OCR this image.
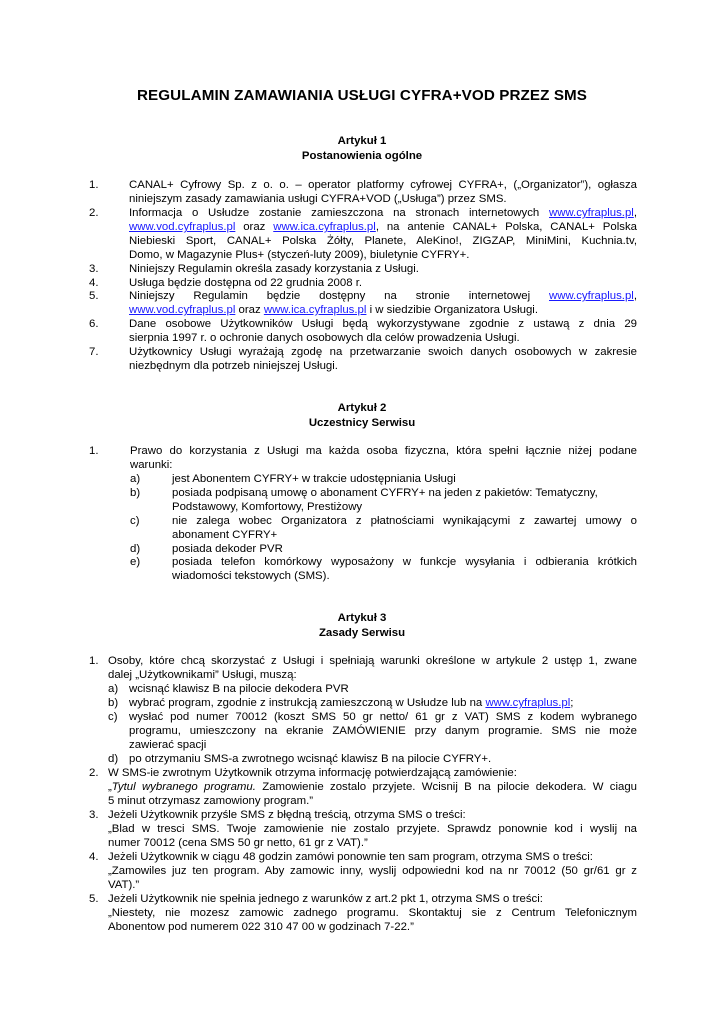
REGULAMIN ZAMAWIANIA USŁUGI CYFRA+VOD PRZEZ SMS
Artykuł 1
Postanowienia ogólne
1.	CANAL+ Cyfrowy Sp. z o. o. – operator platformy cyfrowej CYFRA+, („Organizator”), ogłasza
niniejszym zasady zamawiania usługi CYFRA+VOD („Usługa”) przez SMS.
2.	Informacja o Usłudze zostanie zamieszczona na stronach internetowych www.cyfraplus.pl,
www.vod.cyfraplus.pl oraz www.ica.cyfraplus.pl, na antenie CANAL+ Polska, CANAL+ Polska
Niebieski Sport, CANAL+ Polska Żółty, Planete, AleKino!, ZIGZAP, MiniMini, Kuchnia.tv,
Domo, w Magazynie Plus+ (styczeń-luty 2009), biuletynie CYFRY+.
3.	Niniejszy Regulamin określa zasady korzystania z Usługi.
4.	Usługa będzie dostępna od 22 grudnia 2008 r.
5.	Niniejszy Regulamin będzie dostępny na stronie internetowej www.cyfraplus.pl,
www.vod.cyfraplus.pl oraz www.ica.cyfraplus.pl i w siedzibie Organizatora Usługi.
6.	Dane osobowe Użytkowników Usługi będą wykorzystywane zgodnie z ustawą z dnia 29
sierpnia 1997 r. o ochronie danych osobowych dla celów prowadzenia Usługi.
7.	Użytkownicy Usługi wyrażają zgodę na przetwarzanie swoich danych osobowych w zakresie
niezbędnym dla potrzeb niniejszej Usługi.
Artykuł 2
Uczestnicy Serwisu
1.	Prawo do korzystania z Usługi ma każda osoba fizyczna, która spełni łącznie niżej podane
warunki:
a)	jest Abonentem CYFRY+ w trakcie udostępniania Usługi
b)	posiada podpisaną umowę o abonament CYFRY+ na jeden z pakietów: Tematyczny,
Podstawowy, Komfortowy, Prestiżowy
c)	nie zalega wobec Organizatora z płatnościami wynikającymi z zawartej umowy o
abonament CYFRY+
d)	posiada dekoder PVR
e)	posiada telefon komórkowy wyposażony w funkcje wysyłania i odbierania krótkich
wiadomości tekstowych (SMS).
Artykuł 3
Zasady Serwisu
1. Osoby, które chcą skorzystać z Usługi i spełniają warunki określone w artykule 2 ustęp 1, zwane
dalej „Użytkownikami” Usługi, muszą:
a) wcisnąć klawisz B na pilocie dekodera PVR
b) wybrać program, zgodnie z instrukcją zamieszczoną w Usłudze lub na www.cyfraplus.pl;
c) wysłać pod numer 70012 (koszt SMS 50 gr netto/ 61 gr z VAT) SMS z kodem wybranego
programu, umieszczony na ekranie ZAMÓWIENIE przy danym programie. SMS nie może
zawierać spacji
d) po otrzymaniu SMS-a zwrotnego wcisnąć klawisz B na pilocie CYFRY+.
2. W SMS-ie zwrotnym Użytkownik otrzyma informację potwierdzającą zamówienie:
„Tytul wybranego programu. Zamowienie zostalo przyjete. Wcisnij B na pilocie dekodera. W ciagu
5 minut otrzymasz zamowiony program.”
3. Jeżeli Użytkownik przyśle SMS z błędną treścią, otrzyma SMS o treści:
„Blad w tresci SMS. Twoje zamowienie nie zostalo przyjete. Sprawdz ponownie kod i wyslij na
numer 70012 (cena SMS 50 gr netto, 61 gr z VAT).”
4. Jeżeli Użytkownik w ciągu 48 godzin zamówi ponownie ten sam program, otrzyma SMS o treści:
„Zamowiles juz ten program. Aby zamowic inny, wyslij odpowiedni kod na nr 70012 (50 gr/61 gr z
VAT).”
5. Jeżeli Użytkownik nie spełnia jednego z warunków z art.2 pkt 1, otrzyma SMS o treści:
„Niestety, nie mozesz zamowic zadnego programu. Skontaktuj sie z Centrum Telefonicznym
Abonentow pod numerem 022 310 47 00 w godzinach 7-22.”
